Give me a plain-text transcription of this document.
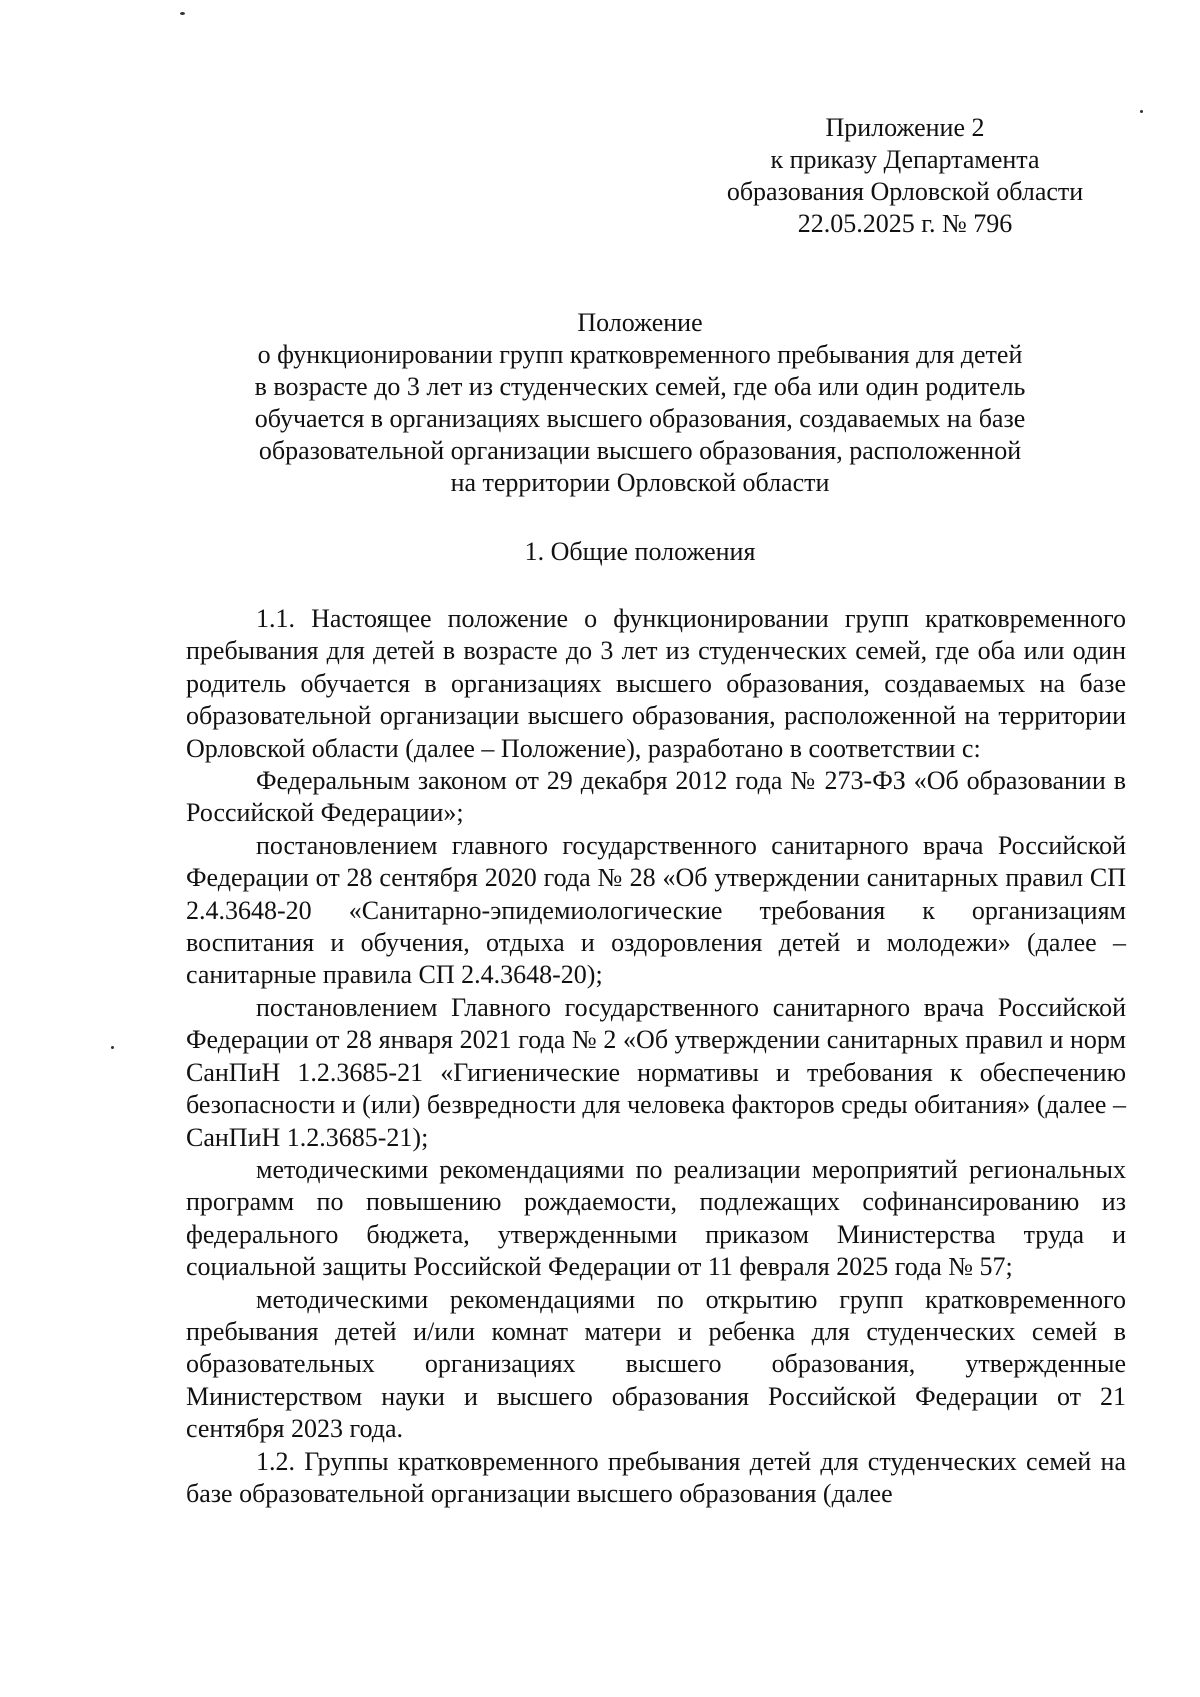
Приложение 2
к приказу Департамента
образования Орловской области
22.05.2025 г. № 796
Положение
о функционировании групп кратковременного пребывания для детей
в возрасте до 3 лет из студенческих семей, где оба или один родитель
обучается в организациях высшего образования, создаваемых на базе
образовательной организации высшего образования, расположенной
на территории Орловской области
1. Общие положения

1.1. Настоящее положение о функционировании групп кратковременного пребывания для детей в возрасте до 3 лет из студенческих семей, где оба или один родитель обучается в организациях высшего образования, создаваемых на базе образовательной организации высшего образования, расположенной на территории Орловской области (далее – Положение), разработано в соответствии с:

Федеральным законом от 29 декабря 2012 года № 273-ФЗ «Об образовании в Российской Федерации»;

постановлением главного государственного санитарного врача Российской Федерации от 28 сентября 2020 года № 28 «Об утверждении санитарных правил СП 2.4.3648-20 «Санитарно-эпидемиологические требования к организациям воспитания и обучения, отдыха и оздоровления детей и молодежи» (далее – санитарные правила СП 2.4.3648-20);

постановлением Главного государственного санитарного врача Российской Федерации от 28 января 2021 года № 2 «Об утверждении санитарных правил и норм СанПиН 1.2.3685-21 «Гигиенические нормативы и требования к обеспечению безопасности и (или) безвредности для человека факторов среды обитания» (далее – СанПиН 1.2.3685-21);

методическими рекомендациями по реализации мероприятий региональных программ по повышению рождаемости, подлежащих софинансированию из федерального бюджета, утвержденными приказом Министерства труда и социальной защиты Российской Федерации от 11 февраля 2025 года № 57;

методическими рекомендациями по открытию групп кратковременного пребывания детей и/или комнат матери и ребенка для студенческих семей в образовательных организациях высшего образования, утвержденные Министерством науки и высшего образования Российской Федерации от 21 сентября 2023 года.

1.2. Группы кратковременного пребывания детей для студенческих семей на базе образовательной организации высшего образования (далее
